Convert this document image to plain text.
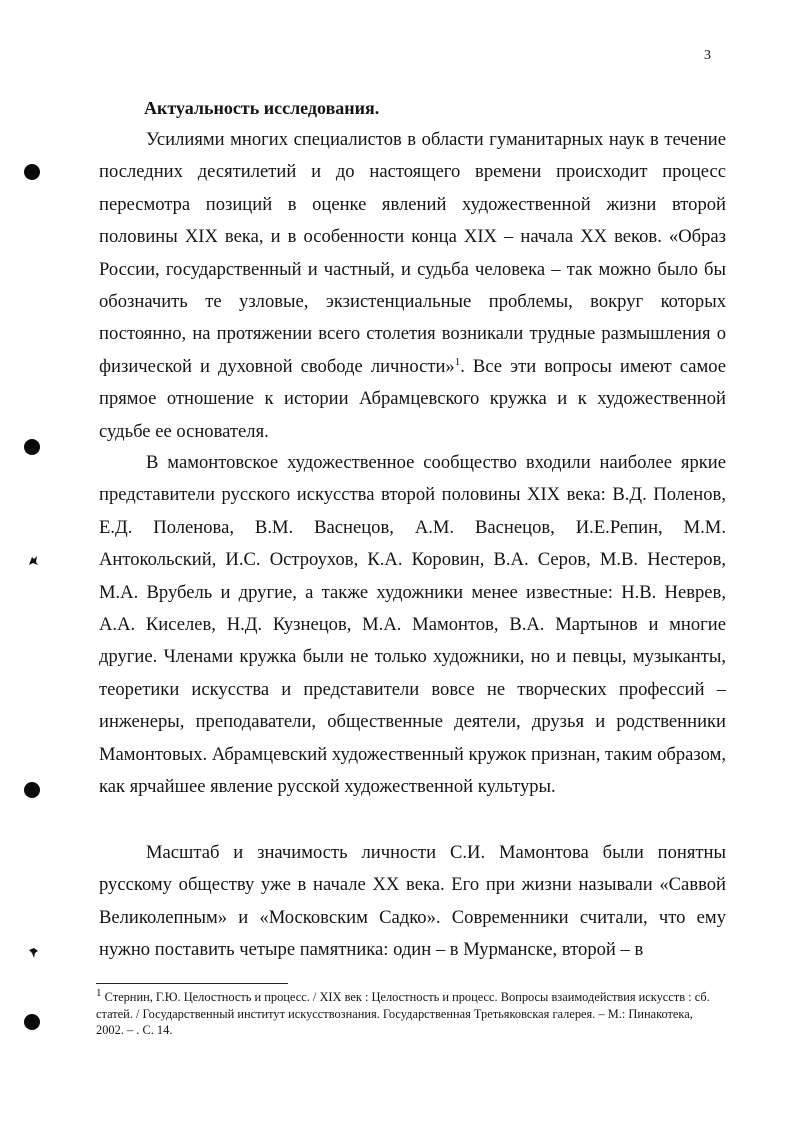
3
Актуальность исследования.

Усилиями многих специалистов в области гуманитарных наук в течение последних десятилетий и до настоящего времени происходит процесс пересмотра позиций в оценке явлений художественной жизни второй половины XIX века, и в особенности конца XIX – начала XX веков. «Образ России, государственный и частный, и судьба человека – так можно было бы обозначить те узловые, экзистенциальные проблемы, вокруг которых постоянно, на протяжении всего столетия возникали трудные размышления о физической и духовной свободе личности»$^1$. Все эти вопросы имеют самое прямое отношение к истории Абрамцевского кружка и к художественной судьбе ее основателя.

В мамонтовское художественное сообщество входили наиболее яркие представители русского искусства второй половины XIX века: В.Д. Поленов, Е.Д. Поленова, В.М. Васнецов, А.М. Васнецов, И.Е.Репин, М.М. Антокольский, И.С. Остроухов, К.А. Коровин, В.А. Серов, М.В. Нестеров, М.А. Врубель и другие, а также художники менее известные: Н.В. Неврев, А.А. Киселев, Н.Д. Кузнецов, М.А. Мамонтов, В.А. Мартынов и многие другие. Членами кружка были не только художники, но и певцы, музыканты, теоретики искусства и представители вовсе не творческих профессий – инженеры, преподаватели, общественные деятели, друзья и родственники Мамонтовых. Абрамцевский художественный кружок признан, таким образом, как ярчайшее явление русской художественной культуры.

Масштаб и значимость личности С.И. Мамонтова были понятны русскому обществу уже в начале XX века. Его при жизни называли «Саввой Великолепным» и «Московским Садко». Современники считали, что ему нужно поставить четыре памятника: один – в Мурманске, второй – в

$^1$ Стернин, Г.Ю. Целостность и процесс. / XIX век : Целостность и процесс. Вопросы взаимодействия искусств : сб. статей. / Государственный институт искусствознания. Государственная Третьяковская галерея. – М.: Пинакотека, 2002. – . С. 14.
